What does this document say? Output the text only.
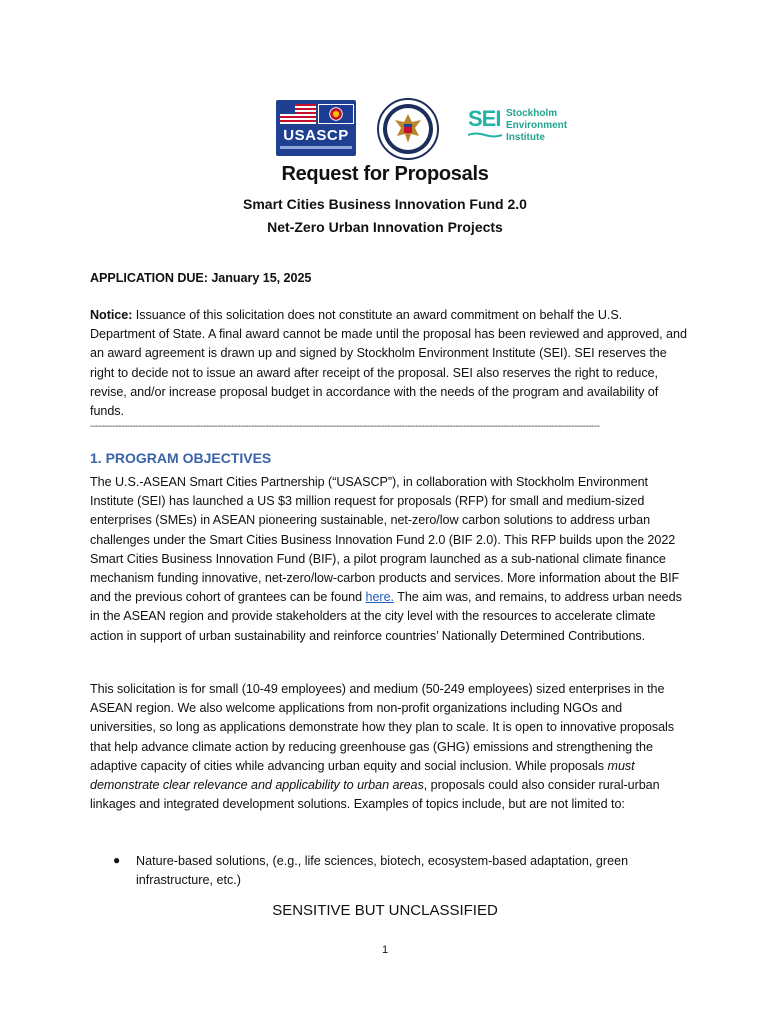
USASCP
SEI Stockholm
Environment
Institute
Request for Proposals
Smart Cities Business Innovation Fund 2.0
Net-Zero Urban Innovation Projects
APPLICATION DUE: January 15, 2025
Notice: Issuance of this solicitation does not constitute an award commitment on behalf the U.S. Department of State. A final award cannot be made until the proposal has been reviewed and approved, and an award agreement is drawn up and signed by Stockholm Environment Institute (SEI). SEI reserves the right to decide not to issue an award after receipt of the proposal. SEI also reserves the right to reduce, revise, and/or increase proposal budget in accordance with the needs of the program and availability of funds.
------------------------------------------------------------------------------------------------------------------------------------------------------------------------------------
1. PROGRAM OBJECTIVES
The U.S.-ASEAN Smart Cities Partnership (“USASCP”), in collaboration with Stockholm Environment Institute (SEI) has launched a US $3 million request for proposals (RFP) for small and medium-sized enterprises (SMEs) in ASEAN pioneering sustainable, net-zero/low carbon solutions to address urban challenges under the Smart Cities Business Innovation Fund 2.0 (BIF 2.0). This RFP builds upon the 2022 Smart Cities Business Innovation Fund (BIF), a pilot program launched as a sub-national climate finance mechanism funding innovative, net-zero/low-carbon products and services. More information about the BIF and the previous cohort of grantees can be found here. The aim was, and remains, to address urban needs in the ASEAN region and provide stakeholders at the city level with the resources to accelerate climate action in support of urban sustainability and reinforce countries’ Nationally Determined Contributions.
This solicitation is for small (10-49 employees) and medium (50-249 employees) sized enterprises in the ASEAN region. We also welcome applications from non-profit organizations including NGOs and universities, so long as applications demonstrate how they plan to scale. It is open to innovative proposals that help advance climate action by reducing greenhouse gas (GHG) emissions and strengthening the adaptive capacity of cities while advancing urban equity and social inclusion. While proposals must demonstrate clear relevance and applicability to urban areas, proposals could also consider rural-urban linkages and integrated development solutions. Examples of topics include, but are not limited to:
● Nature-based solutions, (e.g., life sciences, biotech, ecosystem-based adaptation, green infrastructure, etc.)
SENSITIVE BUT UNCLASSIFIED
1
